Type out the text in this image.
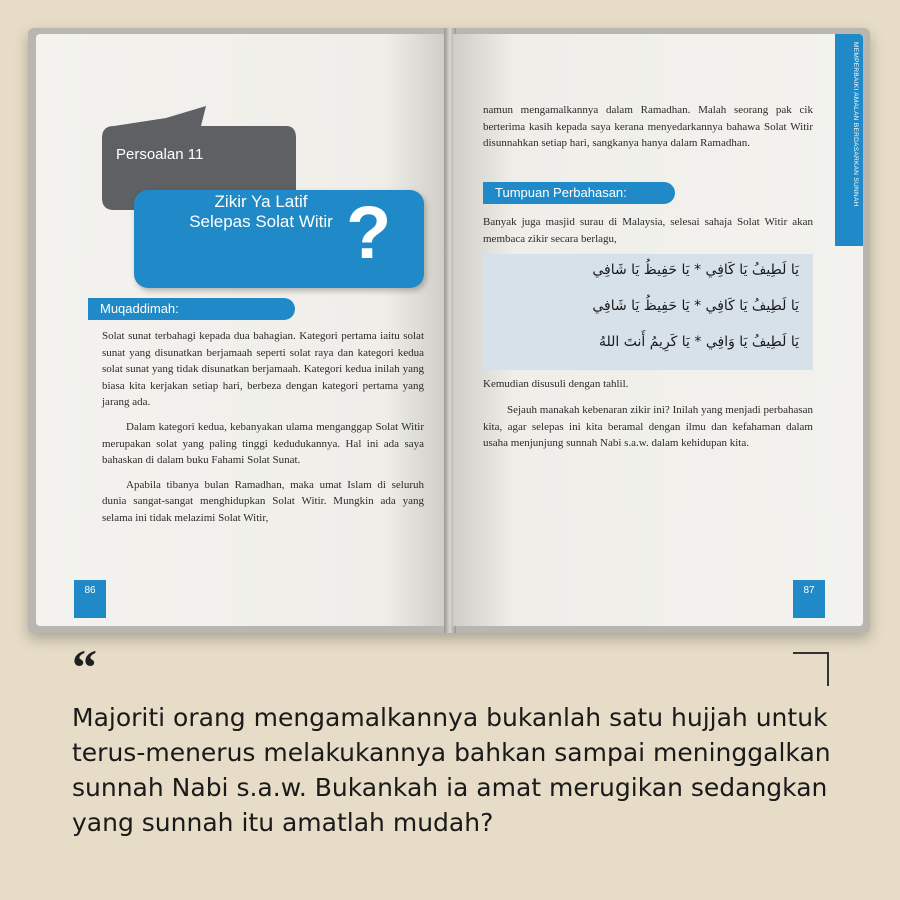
Persoalan 11
Zikir Ya Latif
Selepas Solat Witir ?
Muqaddimah:

Solat sunat terbahagi kepada dua bahagian. Kategori pertama iaitu solat sunat yang disunatkan berjamaah seperti solat raya dan kategori kedua solat sunat yang tidak disunatkan berjamaah. Kategori kedua inilah yang biasa kita kerjakan setiap hari, berbeza dengan kategori pertama yang jarang ada.

Dalam kategori kedua, kebanyakan ulama menganggap Solat Witir merupakan solat yang paling tinggi kedudukannya. Hal ini ada saya bahaskan di dalam buku Fahami Solat Sunat.

Apabila tibanya bulan Ramadhan, maka umat Islam di seluruh dunia sangat-sangat menghidupkan Solat Witir. Mungkin ada yang selama ini tidak melazimi Solat Witir,

86
MEMPERBAIKI AMALAN BERDASARKAN SUNNAH
namun mengamalkannya dalam Ramadhan. Malah seorang pak cik berterima kasih kepada saya kerana menyedarkannya bahawa Solat Witir disunnahkan setiap hari, sangkanya hanya dalam Ramadhan.
Tumpuan Perbahasan:
Banyak juga masjid surau di Malaysia, selesai sahaja Solat Witir akan membaca zikir secara berlagu,
يَا لَطِيفُ يَا كَافِي * يَا حَفِيظُ يَا شَافِي
يَا لَطِيفُ يَا كَافِي * يَا حَفِيظُ يَا شَافِي
يَا لَطِيفُ يَا وَافِي * يَا كَرِيمُ أَنتَ اللهُ
Kemudian disusuli dengan tahlil.
Sejauh manakah kebenaran zikir ini? Inilah yang menjadi perbahasan kita, agar selepas ini kita beramal dengan ilmu dan kefahaman dalam usaha menjunjung sunnah Nabi s.a.w. dalam kehidupan kita.
87
“
Majoriti orang mengamalkannya bukanlah satu hujjah untuk terus-menerus melakukannya bahkan sampai meninggalkan sunnah Nabi s.a.w. Bukankah ia amat merugikan sedangkan yang sunnah itu amatlah mudah?
